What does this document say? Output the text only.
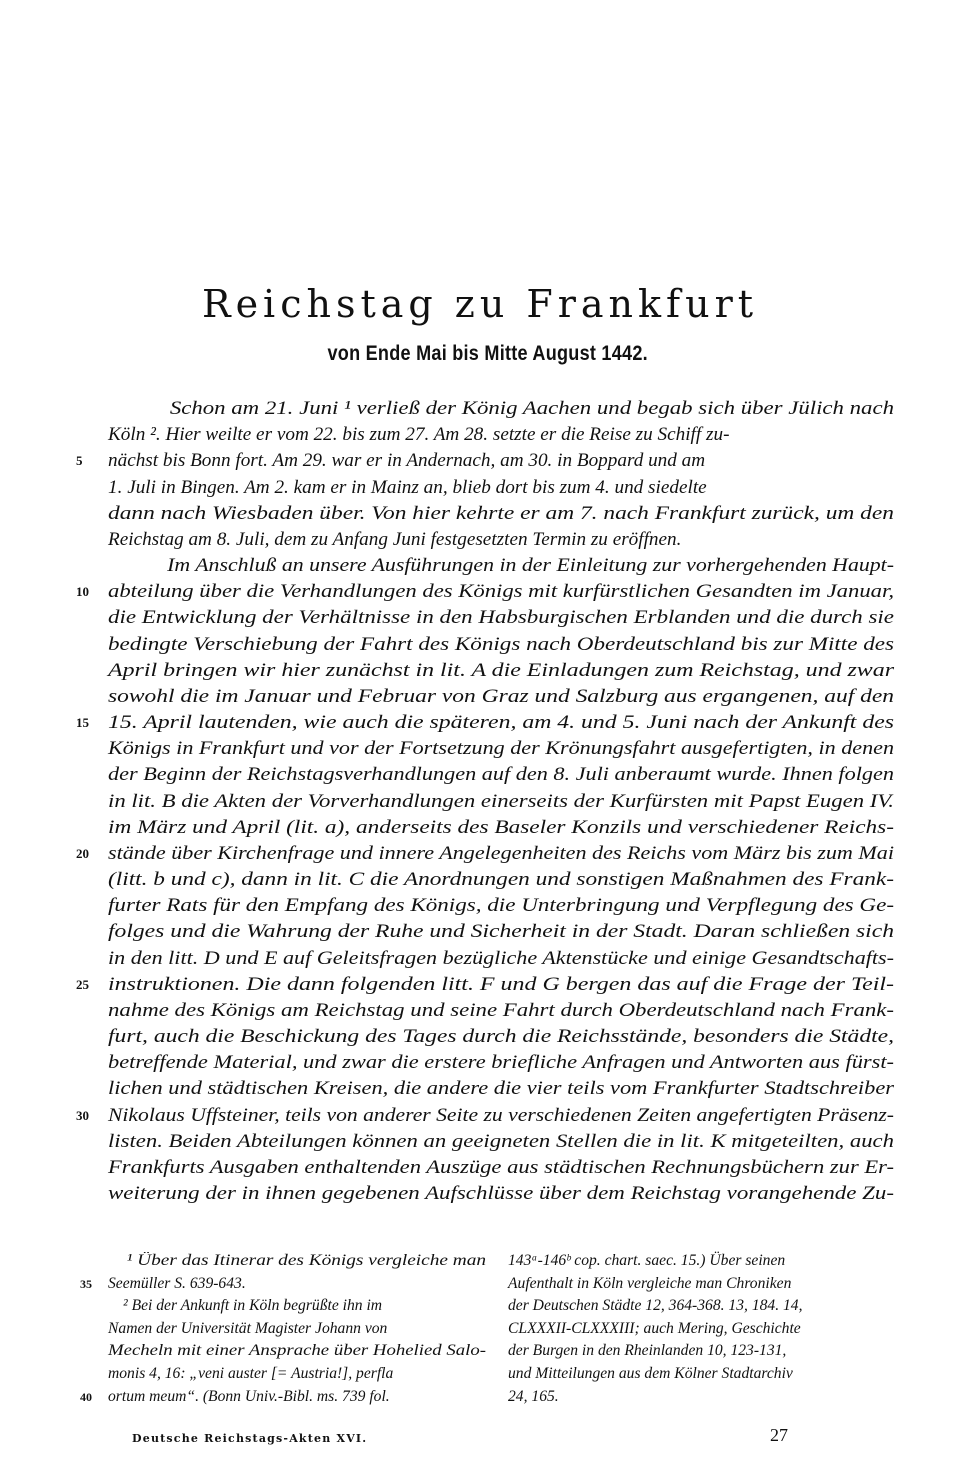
Reichstag zu Frankfurt
von Ende Mai bis Mitte August 1442.
Schon am 21. Juni ¹ verließ der König Aachen und begab sich über Jülich nach
Köln ². Hier weilte er vom 22. bis zum 27. Am 28. setzte er die Reise zu Schiff zu-
5	nächst bis Bonn fort. Am 29. war er in Andernach, am 30. in Boppard und am
1. Juli in Bingen. Am 2. kam er in Mainz an, blieb dort bis zum 4. und siedelte
dann nach Wiesbaden über. Von hier kehrte er am 7. nach Frankfurt zurück, um den
Reichstag am 8. Juli, dem zu Anfang Juni festgesetzten Termin zu eröffnen.
Im Anschluß an unsere Ausführungen in der Einleitung zur vorhergehenden Haupt-
10 abteilung über die Verhandlungen des Königs mit kurfürstlichen Gesandten im Januar,
die Entwicklung der Verhältnisse in den Habsburgischen Erblanden und die durch sie
bedingte Verschiebung der Fahrt des Königs nach Oberdeutschland bis zur Mitte des
April bringen wir hier zunächst in lit. A die Einladungen zum Reichstag, und zwar
sowohl die im Januar und Februar von Graz und Salzburg aus ergangenen, auf den
15 15. April lautenden, wie auch die späteren, am 4. und 5. Juni nach der Ankunft des
Königs in Frankfurt und vor der Fortsetzung der Krönungsfahrt ausgefertigten, in denen
der Beginn der Reichstagsverhandlungen auf den 8. Juli anberaumt wurde. Ihnen folgen
in lit. B die Akten der Vorverhandlungen einerseits der Kurfürsten mit Papst Eugen IV.
im März und April (lit. a), anderseits des Baseler Konzils und verschiedener Reichs-
20 stände über Kirchenfrage und innere Angelegenheiten des Reichs vom März bis zum Mai
(litt. b und c), dann in lit. C die Anordnungen und sonstigen Maßnahmen des Frank-
furter Rats für den Empfang des Königs, die Unterbringung und Verpflegung des Ge-
folges und die Wahrung der Ruhe und Sicherheit in der Stadt. Daran schließen sich
in den litt. D und E auf Geleitsfragen bezügliche Aktenstücke und einige Gesandtschafts-
25 instruktionen. Die dann folgenden litt. F und G bergen das auf die Frage der Teil-
nahme des Königs am Reichstag und seine Fahrt durch Oberdeutschland nach Frank-
furt, auch die Beschickung des Tages durch die Reichsstände, besonders die Städte,
betreffende Material, und zwar die erstere briefliche Anfragen und Antworten aus fürst-
lichen und städtischen Kreisen, die andere die vier teils vom Frankfurter Stadtschreiber
30 Nikolaus Uffsteiner, teils von anderer Seite zu verschiedenen Zeiten angefertigten Präsenz-
listen. Beiden Abteilungen können an geeigneten Stellen die in lit. K mitgeteilten, auch
Frankfurts Ausgaben enthaltenden Auszüge aus städtischen Rechnungsbüchern zur Er-
weiterung der in ihnen gegebenen Aufschlüsse über dem Reichstag vorangehende Zu-
¹ Über das Itinerar des Königs vergleiche man
35	Seemüller S. 639-643.
² Bei der Ankunft in Köln begrüßte ihn im
Namen der Universität Magister Johann von
Mecheln mit einer Ansprache über Hohelied Salo-
monis 4, 16: „veni auster [= Austria!], perfla
40	ortum meum“. (Bonn Univ.-Bibl. ms. 739 fol.
143ᵃ-146ᵇ cop. chart. saec. 15.) Über seinen
Aufenthalt in Köln vergleiche man Chroniken
der Deutschen Städte 12, 364-368. 13, 184. 14,
CLXXXII-CLXXXIII; auch Mering, Geschichte
der Burgen in den Rheinlanden 10, 123-131,
und Mitteilungen aus dem Kölner Stadtarchiv
24, 165.
Deutsche Reichstags-Akten XVI.	27
